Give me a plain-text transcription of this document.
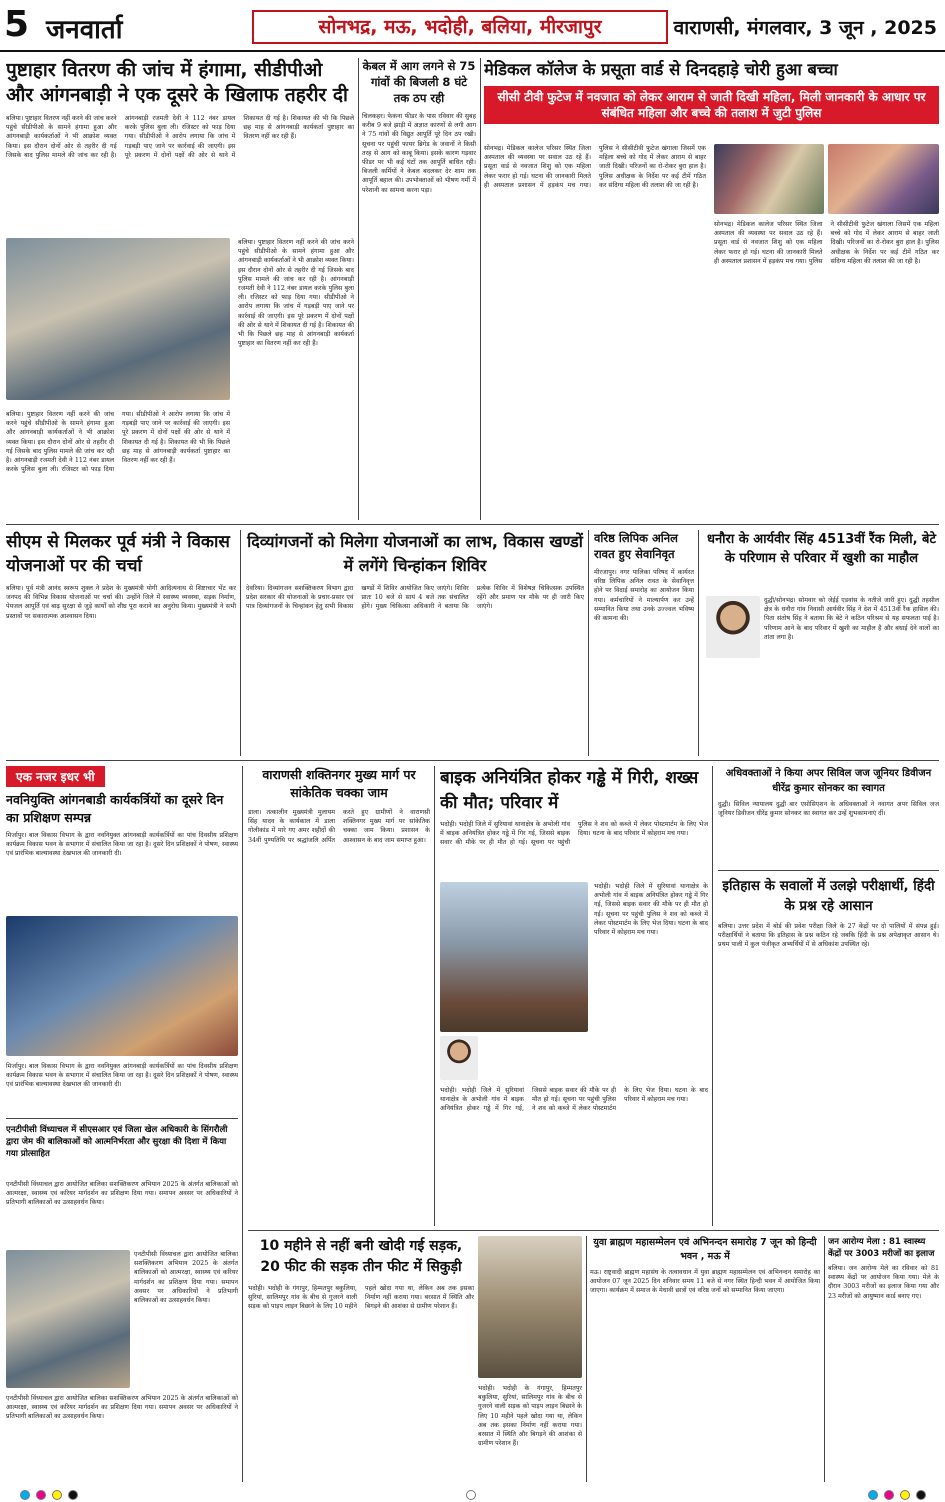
5 जनवार्ता	सोनभद्र, मऊ, भदोही, बलिया, मीरजापुर	वाराणसी, मंगलवार, 3 जून , 2025
पुष्टाहार वितरण की जांच में हंगामा, सीडीपीओ और आंगनबाड़ी ने एक दूसरे के खिलाफ तहरीर दी
बलिया। पुष्टाहार वितरण नहीं करने की जांच करने पहुंचे सीडीपीओ के सामने हंगामा हुआ और आंगनबाड़ी कार्यकर्ताओं ने भी आक्रोश व्यक्त किया। इस दौरान दोनों ओर से तहरीर दी गई जिसके बाद पुलिस मामले की जांच कर रही है। आंगनबाड़ी रजमती देवी ने 112 नंबर डायल करके पुलिस बुला ली। रजिस्टर को फाड़ दिया गया। सीडीपीओ ने आरोप लगाया कि जांच में गड़बड़ी पाए जाने पर कार्रवाई की जाएगी। इस पूरे प्रकरण में दोनों पक्षों की ओर से थाने में शिकायत दी गई है। शिकायत की भी कि पिछले छह माह से आंगनबाड़ी कार्यकर्ता पुष्टाहार का वितरण नहीं कर रही हैं।
बलिया। पुष्टाहार वितरण नहीं करने की जांच करने पहुंचे सीडीपीओ के सामने हंगामा हुआ और आंगनबाड़ी कार्यकर्ताओं ने भी आक्रोश व्यक्त किया। इस दौरान दोनों ओर से तहरीर दी गई जिसके बाद पुलिस मामले की जांच कर रही है। आंगनबाड़ी रजमती देवी ने 112 नंबर डायल करके पुलिस बुला ली। रजिस्टर को फाड़ दिया गया। सीडीपीओ ने आरोप लगाया कि जांच में गड़बड़ी पाए जाने पर कार्रवाई की जाएगी। इस पूरे प्रकरण में दोनों पक्षों की ओर से थाने में शिकायत दी गई है। शिकायत की भी कि पिछले छह माह से आंगनबाड़ी कार्यकर्ता पुष्टाहार का वितरण नहीं कर रही हैं।
बलिया। पुष्टाहार वितरण नहीं करने की जांच करने पहुंचे सीडीपीओ के सामने हंगामा हुआ और आंगनबाड़ी कार्यकर्ताओं ने भी आक्रोश व्यक्त किया। इस दौरान दोनों ओर से तहरीर दी गई जिसके बाद पुलिस मामले की जांच कर रही है। आंगनबाड़ी रजमती देवी ने 112 नंबर डायल करके पुलिस बुला ली। रजिस्टर को फाड़ दिया गया। सीडीपीओ ने आरोप लगाया कि जांच में गड़बड़ी पाए जाने पर कार्रवाई की जाएगी। इस पूरे प्रकरण में दोनों पक्षों की ओर से थाने में शिकायत दी गई है। शिकायत की भी कि पिछले छह माह से आंगनबाड़ी कार्यकर्ता पुष्टाहार का वितरण नहीं कर रही हैं।
केबल में आग लगने से 75 गांवों की बिजली 8 घंटे तक ठप रही
चिलकहर। फेकना फीडर के पास रविवार की सुबह करीब 9 बजे झाड़ी में अज्ञात कारणों से लगी आग ने 75 गांवों की विद्युत आपूर्ति पूरे दिन ठप रखी। सूचना पर पहुंची फायर ब्रिगेड के जवानों ने किसी तरह से आग को काबू किया। इसके कारण गड़वार फीडर पर भी कई घंटों तक आपूर्ति बाधित रही। बिजली कर्मियों ने केबल बदलकर देर शाम तक आपूर्ति बहाल की। उपभोक्ताओं को भीषण गर्मी में परेशानी का सामना करना पड़ा।
मेडिकल कॉलेज के प्रसूता वार्ड से दिनदहाड़े चोरी हुआ बच्चा
सीसी टीवी फुटेज में नवजात को लेकर आराम से जाती दिखी महिला, मिली जानकारी के आधार पर संबंधित महिला और बच्चे की तलाश में जुटी पुलिस
सोनभद्र। मेडिकल कालेज परिसर स्थित जिला अस्पताल की व्यवस्था पर सवाल उठ रहे हैं। प्रसूता वार्ड से नवजात शिशु को एक महिला लेकर फरार हो गई। घटना की जानकारी मिलते ही अस्पताल प्रशासन में हड़कंप मच गया। पुलिस ने सीसीटीवी फुटेज खंगाला जिसमें एक महिला बच्चे को गोद में लेकर आराम से बाहर जाती दिखी। परिजनों का रो-रोकर बुरा हाल है। पुलिस अधीक्षक के निर्देश पर कई टीमें गठित कर संदिग्ध महिला की तलाश की जा रही है।
सोनभद्र। मेडिकल कालेज परिसर स्थित जिला अस्पताल की व्यवस्था पर सवाल उठ रहे हैं। प्रसूता वार्ड से नवजात शिशु को एक महिला लेकर फरार हो गई। घटना की जानकारी मिलते ही अस्पताल प्रशासन में हड़कंप मच गया। पुलिस ने सीसीटीवी फुटेज खंगाला जिसमें एक महिला बच्चे को गोद में लेकर आराम से बाहर जाती दिखी। परिजनों का रो-रोकर बुरा हाल है। पुलिस अधीक्षक के निर्देश पर कई टीमें गठित कर संदिग्ध महिला की तलाश की जा रही है।
सीएम से मिलकर पूर्व मंत्री ने विकास योजनाओं पर की चर्चा
बलिया। पूर्व मंत्री आनंद स्वरूप शुक्ल ने प्रदेश के मुख्यमंत्री योगी आदित्यनाथ से शिष्टाचार भेंट कर जनपद की विभिन्न विकास योजनाओं पर चर्चा की। उन्होंने जिले में स्वास्थ्य व्यवस्था, सड़क निर्माण, पेयजल आपूर्ति एवं बाढ़ सुरक्षा से जुड़े कार्यों को शीघ्र पूरा कराने का अनुरोध किया। मुख्यमंत्री ने सभी प्रस्तावों पर सकारात्मक आश्वासन दिया।
दिव्यांगजनों को मिलेगा योजनाओं का लाभ, विकास खण्डों में लगेंगे चिन्हांकन शिविर
देवरिया। दिव्यांगजन सशक्तिकरण विभाग द्वारा प्रदेश सरकार की योजनाओं के प्रचार-प्रसार एवं पात्र दिव्यांगजनों के चिन्हांकन हेतु सभी विकास खण्डों में शिविर आयोजित किए जाएंगे। शिविर प्रातः 10 बजे से सायं 4 बजे तक संचालित होंगे। मुख्य चिकित्सा अधिकारी ने बताया कि प्रत्येक शिविर में विशेषज्ञ चिकित्सक उपस्थित रहेंगे और प्रमाण पत्र मौके पर ही जारी किए जाएंगे।
वरिष्ठ लिपिक अनिल रावत हुए सेवानिवृत
मीरजापुर। नगर पालिका परिषद में कार्यरत वरिष्ठ लिपिक अनिल रावत के सेवानिवृत्त होने पर विदाई समारोह का आयोजन किया गया। कर्मचारियों ने माल्यार्पण कर उन्हें सम्मानित किया तथा उनके उज्ज्वल भविष्य की कामना की।
धनौरा के आर्यवीर सिंह 4513वीं रैंक मिली, बेटे के परिणाम से परिवार में खुशी का माहौल
दुद्धी/सोनभद्र। सोमवार को जेईई एडवांस के नतीजे जारी हुए। दुद्धी तहसील क्षेत्र के धनौरा गांव निवासी आर्यवीर सिंह ने देश में 4513वीं रैंक हासिल की। पिता संतोष सिंह ने बताया कि बेटे ने कठिन परिश्रम से यह सफलता पाई है। परिणाम आने के बाद परिवार में खुशी का माहौल है और बधाई देने वालों का तांता लगा है।
एक नजर इधर भी
नवनियुक्ति आंगनबाडी कार्यकर्त्रियों का दूसरे दिन का प्रशिक्षण सम्पन्न
मिर्जापुर। बाल विकास विभाग के द्वारा नवनियुक्त आंगनबाड़ी कार्यकर्त्रियों का पांच दिवसीय प्रशिक्षण कार्यक्रम विकास भवन के सभागार में संचालित किया जा रहा है। दूसरे दिन प्रशिक्षकों ने पोषण, स्वास्थ्य एवं प्रारंभिक बाल्यावस्था देखभाल की जानकारी दी।
मिर्जापुर। बाल विकास विभाग के द्वारा नवनियुक्त आंगनबाड़ी कार्यकर्त्रियों का पांच दिवसीय प्रशिक्षण कार्यक्रम विकास भवन के सभागार में संचालित किया जा रहा है। दूसरे दिन प्रशिक्षकों ने पोषण, स्वास्थ्य एवं प्रारंभिक बाल्यावस्था देखभाल की जानकारी दी।
एनटीपीसी विंध्याचल में सीएसआर एवं जिला खेल अधिकारी के सिंगरौली द्वारा जेम की बालिकाओं को आत्मनिर्भरता और सुरक्षा की दिशा में किया गया प्रोत्साहित
एनटीपीसी विंध्याचल द्वारा आयोजित बालिका सशक्तिकरण अभियान 2025 के अंतर्गत बालिकाओं को आत्मरक्षा, स्वास्थ्य एवं करियर मार्गदर्शन का प्रशिक्षण दिया गया। समापन अवसर पर अधिकारियों ने प्रतिभागी बालिकाओं का उत्साहवर्धन किया।
एनटीपीसी विंध्याचल द्वारा आयोजित बालिका सशक्तिकरण अभियान 2025 के अंतर्गत बालिकाओं को आत्मरक्षा, स्वास्थ्य एवं करियर मार्गदर्शन का प्रशिक्षण दिया गया। समापन अवसर पर अधिकारियों ने प्रतिभागी बालिकाओं का उत्साहवर्धन किया।
एनटीपीसी विंध्याचल द्वारा आयोजित बालिका सशक्तिकरण अभियान 2025 के अंतर्गत बालिकाओं को आत्मरक्षा, स्वास्थ्य एवं करियर मार्गदर्शन का प्रशिक्षण दिया गया। समापन अवसर पर अधिकारियों ने प्रतिभागी बालिकाओं का उत्साहवर्धन किया।
वाराणसी शक्तिनगर मुख्य मार्ग पर सांकेतिक चक्का जाम
डाला। तत्कालीन मुख्यमंत्री मुलायम सिंह यादव के कार्यकाल में डाला गोलीकांड में मारे गए अमर शहीदों की 34वीं पुण्यतिथि पर श्रद्धांजलि अर्पित करते हुए ग्रामीणों ने वाराणसी शक्तिनगर मुख्य मार्ग पर सांकेतिक चक्का जाम किया। प्रशासन के आश्वासन के बाद जाम समाप्त हुआ।
बाइक अनियंत्रित होकर गड्ढे में गिरी, शख्स की मौत; परिवार में
भदोही। भदोही जिले में सुरियावां थानाक्षेत्र के अभोली गांव में बाइक अनियंत्रित होकर गड्ढे में गिर गई, जिससे बाइक सवार की मौके पर ही मौत हो गई। सूचना पर पहुंची पुलिस ने शव को कब्जे में लेकर पोस्टमार्टम के लिए भेज दिया। घटना के बाद परिवार में कोहराम मच गया।
भदोही। भदोही जिले में सुरियावां थानाक्षेत्र के अभोली गांव में बाइक अनियंत्रित होकर गड्ढे में गिर गई, जिससे बाइक सवार की मौके पर ही मौत हो गई। सूचना पर पहुंची पुलिस ने शव को कब्जे में लेकर पोस्टमार्टम के लिए भेज दिया। घटना के बाद परिवार में कोहराम मच गया।
भदोही। भदोही जिले में सुरियावां थानाक्षेत्र के अभोली गांव में बाइक अनियंत्रित होकर गड्ढे में गिर गई, जिससे बाइक सवार की मौके पर ही मौत हो गई। सूचना पर पहुंची पुलिस ने शव को कब्जे में लेकर पोस्टमार्टम के लिए भेज दिया। घटना के बाद परिवार में कोहराम मच गया।
अधिवक्ताओं ने किया अपर सिविल जज जूनियर डिवीजन धीरेंद्र कुमार सोनकर का स्वागत
दुद्धी। सिविल न्यायालय दुद्धी बार एसोसिएशन के अधिवक्ताओं ने नवागत अपर सिविल जज जूनियर डिवीजन धीरेंद्र कुमार सोनकर का स्वागत कर उन्हें शुभकामनाएं दीं।
इतिहास के सवालों में उलझे परीक्षार्थी, हिंदी के प्रश्न रहे आसान
बलिया। उत्तर प्रदेश में बोर्ड की प्रवेश परीक्षा जिले के 27 केंद्रों पर दो पालियों में संपन्न हुई। परीक्षार्थियों ने बताया कि इतिहास के प्रश्न कठिन रहे जबकि हिंदी के प्रश्न अपेक्षाकृत आसान थे। प्रथम पाली में कुल पंजीकृत अभ्यर्थियों में से अधिकांश उपस्थित रहे।
10 महीने से नहीं बनी खोदी गई सड़क, 20 फीट की सड़क तीन फीट में सिकुड़ी
भदोही। भदोही के गंगापुर, हिम्मतपुर बकुलिया, सुरियां, सालिमपुर गांव के बीच से गुजरने वाली सड़क को पाइप लाइन बिछाने के लिए 10 महीने पहले खोदा गया था, लेकिन अब तक इसका निर्माण नहीं कराया गया। बरसात में स्थिति और बिगड़ने की आशंका से ग्रामीण परेशान हैं।
भदोही। भदोही के गंगापुर, हिम्मतपुर बकुलिया, सुरियां, सालिमपुर गांव के बीच से गुजरने वाली सड़क को पाइप लाइन बिछाने के लिए 10 महीने पहले खोदा गया था, लेकिन अब तक इसका निर्माण नहीं कराया गया। बरसात में स्थिति और बिगड़ने की आशंका से ग्रामीण परेशान हैं।
युवा ब्राह्मण महासम्मेलन एवं अभिनन्दन समारोह 7 जून को हिन्दी भवन , मऊ में
मऊ। राष्ट्रवादी ब्राह्मण महासंघ के तत्वावधान में युवा ब्राह्मण महासम्मेलन एवं अभिनन्दन समारोह का आयोजन 07 जून 2025 दिन शनिवार समय 11 बजे से नगर स्थित हिन्दी भवन में आयोजित किया जाएगा। कार्यक्रम में समाज के मेधावी छात्रों एवं वरिष्ठ जनों को सम्मानित किया जाएगा।
जन आरोग्य मेला : 81 स्वास्थ्य केंद्रों पर 3003 मरीजों का इलाज
बलिया। जन आरोग्य मेले का रविवार को 81 स्वास्थ्य केंद्रों पर आयोजन किया गया। मेले के दौरान 3003 मरीजों का इलाज किया गया और 23 मरीजों को आयुष्मान कार्ड बनाए गए।
